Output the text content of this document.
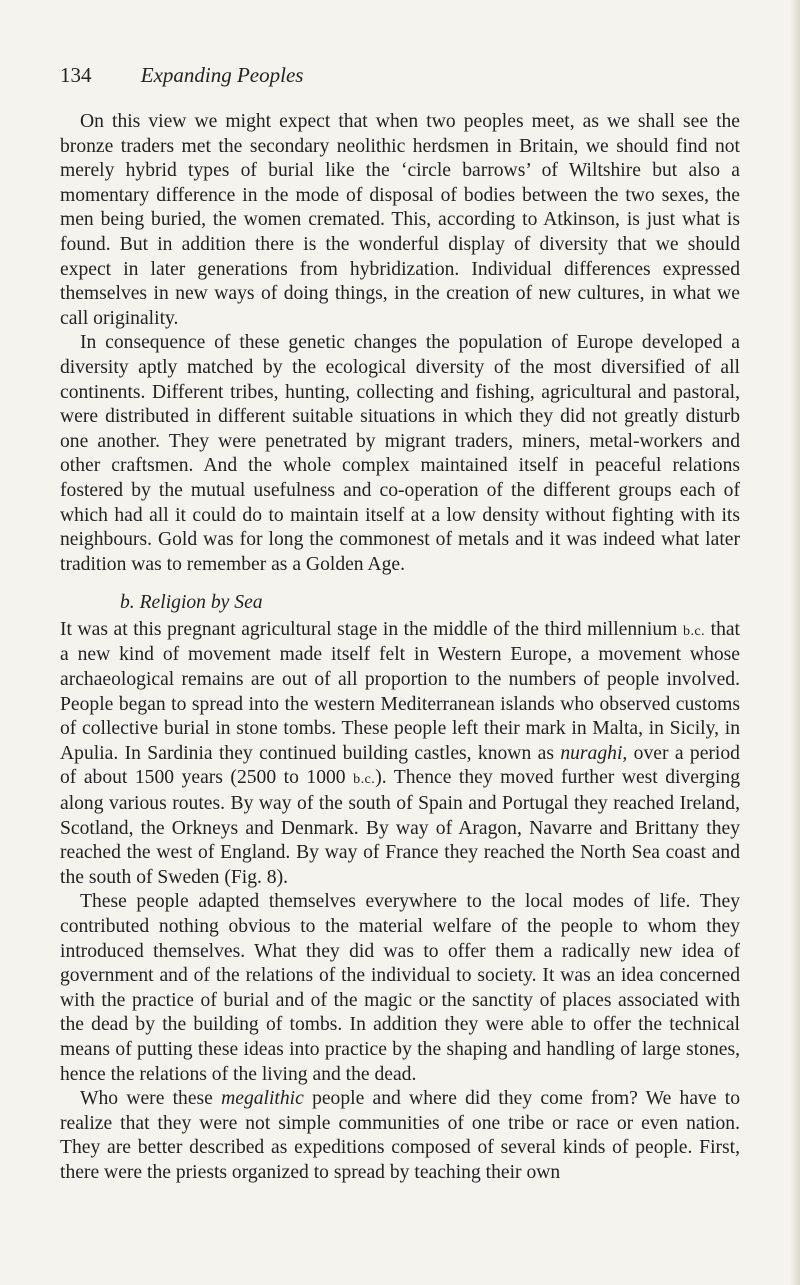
134 Expanding Peoples

On this view we might expect that when two peoples meet, as we shall see the bronze traders met the secondary neolithic herdsmen in Britain, we should find not merely hybrid types of burial like the ‘circle barrows’ of Wiltshire but also a momentary difference in the mode of disposal of bodies between the two sexes, the men being buried, the women cremated. This, according to Atkinson, is just what is found. But in addition there is the wonderful display of diversity that we should expect in later generations from hybridization. Individual differences expressed themselves in new ways of doing things, in the creation of new cultures, in what we call originality.

In consequence of these genetic changes the population of Europe developed a diversity aptly matched by the ecological diversity of the most diversified of all continents. Different tribes, hunting, collecting and fishing, agricultural and pastoral, were distributed in different suitable situations in which they did not greatly disturb one another. They were penetrated by migrant traders, miners, metal-workers and other craftsmen. And the whole complex maintained itself in peaceful relations fostered by the mutual usefulness and co-operation of the different groups each of which had all it could do to maintain itself at a low density without fighting with its neighbours. Gold was for long the commonest of metals and it was indeed what later tradition was to remember as a Golden Age.

b. Religion by Sea

It was at this pregnant agricultural stage in the middle of the third millennium b.c. that a new kind of movement made itself felt in Western Europe, a movement whose archaeological remains are out of all proportion to the numbers of people involved. People began to spread into the western Mediterranean islands who observed customs of collective burial in stone tombs. These people left their mark in Malta, in Sicily, in Apulia. In Sardinia they continued building castles, known as nuraghi, over a period of about 1500 years (2500 to 1000 b.c.). Thence they moved further west diverging along various routes. By way of the south of Spain and Portugal they reached Ireland, Scotland, the Orkneys and Denmark. By way of Aragon, Navarre and Brittany they reached the west of England. By way of France they reached the North Sea coast and the south of Sweden (Fig. 8).

These people adapted themselves everywhere to the local modes of life. They contributed nothing obvious to the material welfare of the people to whom they introduced themselves. What they did was to offer them a radically new idea of government and of the relations of the individual to society. It was an idea concerned with the practice of burial and of the magic or the sanctity of places associated with the dead by the building of tombs. In addition they were able to offer the technical means of putting these ideas into practice by the shaping and handling of large stones, hence the relations of the living and the dead.

Who were these megalithic people and where did they come from? We have to realize that they were not simple communities of one tribe or race or even nation. They are better described as expeditions composed of several kinds of people. First, there were the priests organized to spread by teaching their own
